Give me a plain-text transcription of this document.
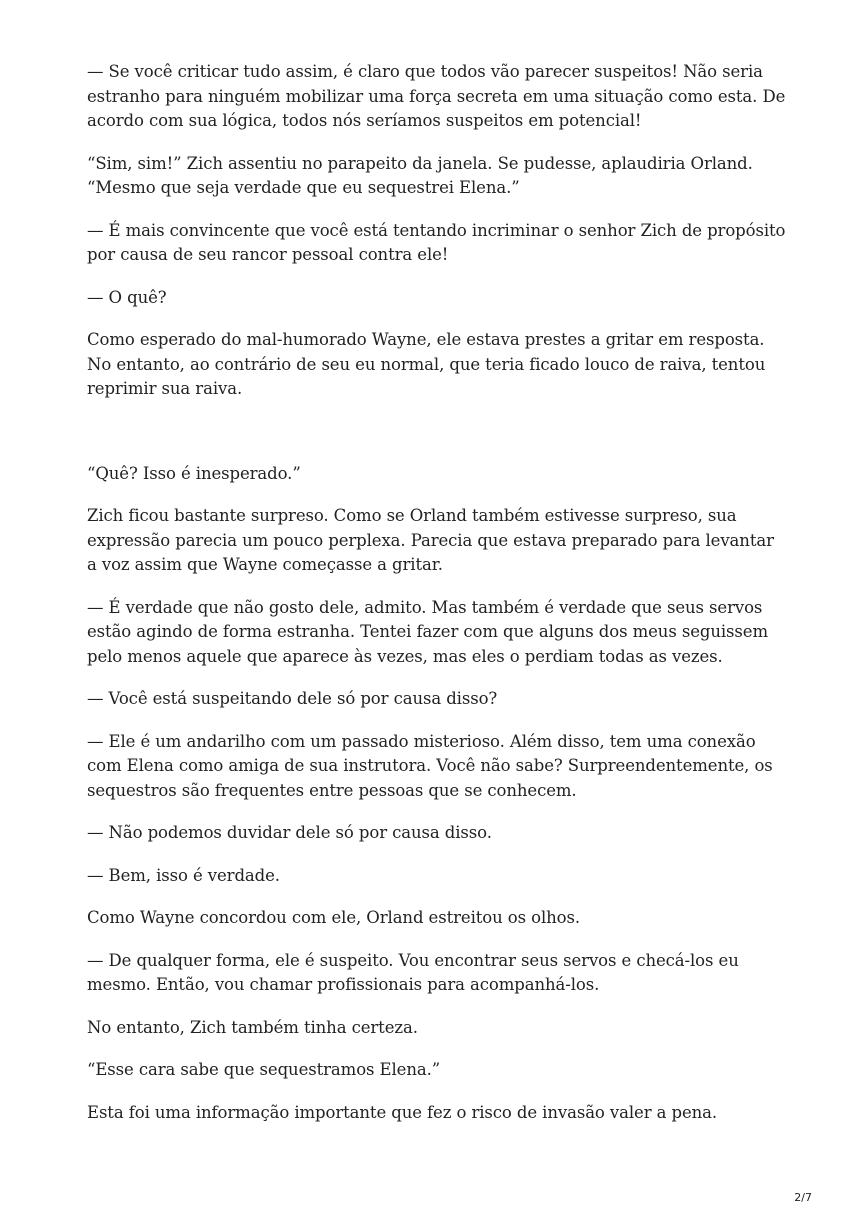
— Se você criticar tudo assim, é claro que todos vão parecer suspeitos! Não seria estranho para ninguém mobilizar uma força secreta em uma situação como esta. De acordo com sua lógica, todos nós seríamos suspeitos em potencial!

“Sim, sim!” Zich assentiu no parapeito da janela. Se pudesse, aplaudiria Orland. “Mesmo que seja verdade que eu sequestrei Elena.”

— É mais convincente que você está tentando incriminar o senhor Zich de propósito por causa de seu rancor pessoal contra ele!

— O quê?

Como esperado do mal-humorado Wayne, ele estava prestes a gritar em resposta. No entanto, ao contrário de seu eu normal, que teria ficado louco de raiva, tentou reprimir sua raiva.

“Quê? Isso é inesperado.”

Zich ficou bastante surpreso. Como se Orland também estivesse surpreso, sua expressão parecia um pouco perplexa. Parecia que estava preparado para levantar a voz assim que Wayne começasse a gritar.

— É verdade que não gosto dele, admito. Mas também é verdade que seus servos estão agindo de forma estranha. Tentei fazer com que alguns dos meus seguissem pelo menos aquele que aparece às vezes, mas eles o perdiam todas as vezes.

— Você está suspeitando dele só por causa disso?

— Ele é um andarilho com um passado misterioso. Além disso, tem uma conexão com Elena como amiga de sua instrutora. Você não sabe? Surpreendentemente, os sequestros são frequentes entre pessoas que se conhecem.

— Não podemos duvidar dele só por causa disso.

— Bem, isso é verdade.

Como Wayne concordou com ele, Orland estreitou os olhos.

— De qualquer forma, ele é suspeito. Vou encontrar seus servos e checá-los eu mesmo. Então, vou chamar profissionais para acompanhá-los.

No entanto, Zich também tinha certeza.

“Esse cara sabe que sequestramos Elena.”

Esta foi uma informação importante que fez o risco de invasão valer a pena.

2/7
